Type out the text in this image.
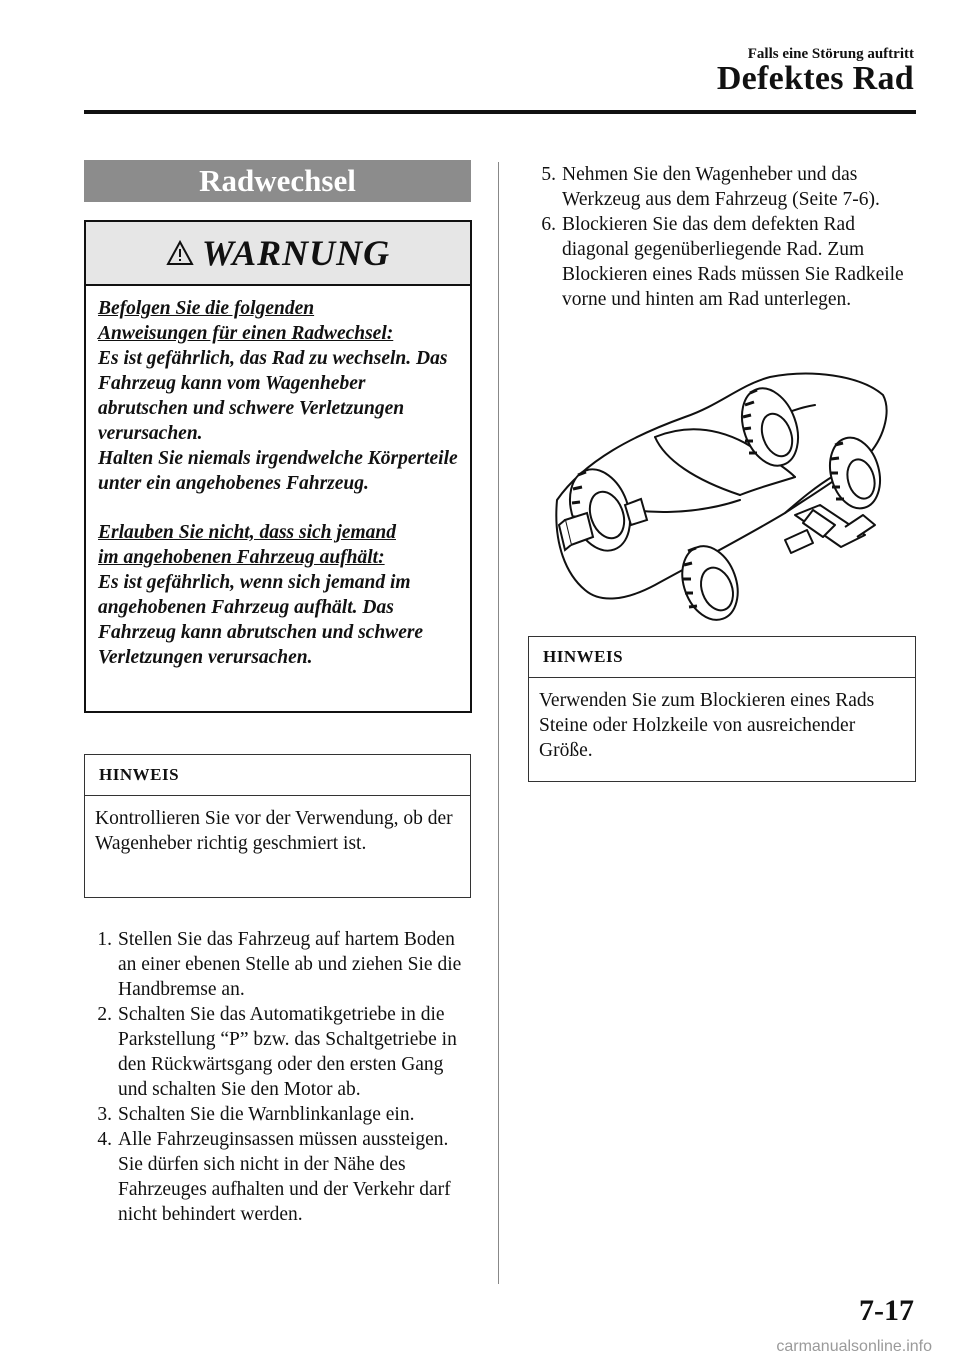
Falls eine Störung auftritt
Defektes Rad
Radwechsel
WARNUNG

Befolgen Sie die folgenden
Anweisungen für einen Radwechsel:

Es ist gefährlich, das Rad zu wechseln. Das Fahrzeug kann vom Wagenheber abrutschen und schwere Verletzungen verursachen.

Halten Sie niemals irgendwelche Körperteile unter ein angehobenes Fahrzeug.

Erlauben Sie nicht, dass sich jemand
im angehobenen Fahrzeug aufhält:

Es ist gefährlich, wenn sich jemand im angehobenen Fahrzeug aufhält. Das Fahrzeug kann abrutschen und schwere Verletzungen verursachen.

HINWEIS
Kontrollieren Sie vor der Verwendung, ob der Wagenheber richtig geschmiert ist.
1. Stellen Sie das Fahrzeug auf hartem Boden an einer ebenen Stelle ab und ziehen Sie die Handbremse an.
2. Schalten Sie das Automatikgetriebe in die Parkstellung “P” bzw. das Schaltgetriebe in den Rückwärtsgang oder den ersten Gang und schalten Sie den Motor ab.
3. Schalten Sie die Warnblinkanlage ein.
4. Alle Fahrzeuginsassen müssen aussteigen. Sie dürfen sich nicht in der Nähe des Fahrzeuges aufhalten und der Verkehr darf nicht behindert werden.
5. Nehmen Sie den Wagenheber und das Werkzeug aus dem Fahrzeug (Seite 7-6).
6. Blockieren Sie das dem defekten Rad diagonal gegenüberliegende Rad. Zum Blockieren eines Rads müssen Sie Radkeile vorne und hinten am Rad unterlegen.
HINWEIS
Verwenden Sie zum Blockieren eines Rads Steine oder Holzkeile von ausreichender Größe.
7-17
carmanualsonline.info
